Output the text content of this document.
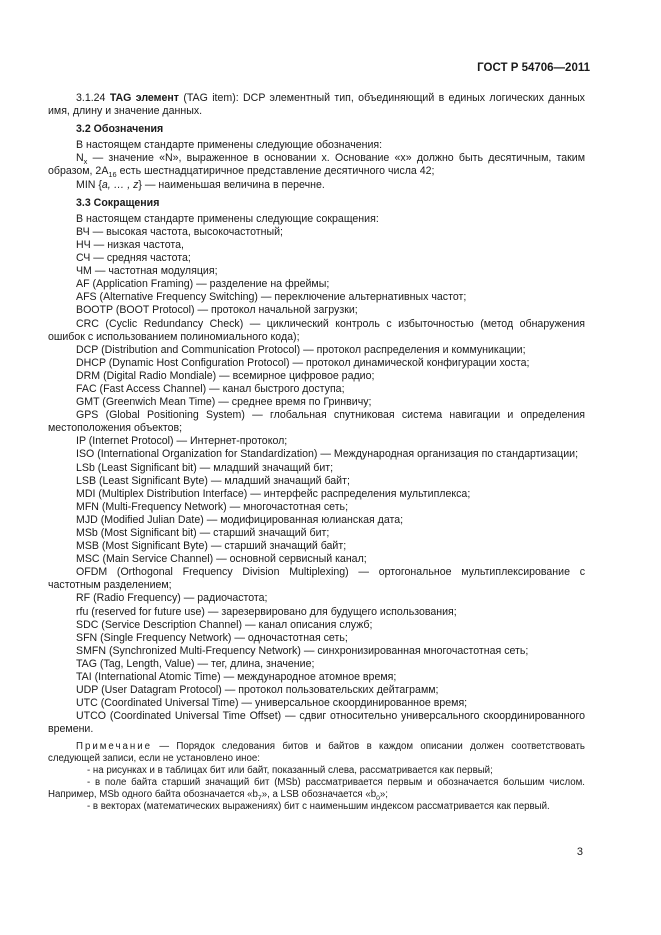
ГОСТ Р 54706—2011

3.1.24 TAG элемент (TAG item): DCP элементный тип, объединяющий в единых логических данных имя, длину и значение данных.

3.2 Обозначения

В настоящем стандарте применены следующие обозначения:

$N_x$ — значение «N», выраженное в основании x. Основание «x» должно быть десятичным, таким образом, $2A_{16}$ есть шестнадцатиричное представление десятичного числа 42;

MIN {a, … , z} — наименьшая величина в перечне.

3.3 Сокращения

В настоящем стандарте применены следующие сокращения:

ВЧ — высокая частота, высокочастотный;

НЧ — низкая частота,

СЧ — средняя частота;

ЧМ — частотная модуляция;

AF (Application Framing) — разделение на фреймы;

AFS (Alternative Frequency Switching) — переключение альтернативных частот;

BOOTP (BOOT Protocol) — протокол начальной загрузки;

CRC (Cyclic Redundancy Check) — циклический контроль с избыточностью (метод обнаружения ошибок с использованием полиномиального кода);

DCP (Distribution and Communication Protocol) — протокол распределения и коммуникации;

DHCP (Dynamic Host Configuration Protocol) — протокол динамической конфигурации хоста;

DRM (Digital Radio Mondiale) — всемирное цифровое радио;

FAC (Fast Access Channel) — канал быстрого доступа;

GMT (Greenwich Mean Time) — среднее время по Гринвичу;

GPS (Global Positioning System) — глобальная спутниковая система навигации и определения местоположения объектов;

IP (Internet Protocol) — Интернет-протокол;

ISO (International Organization for Standardization) — Международная организация по стандартизации;

LSb (Least Significant bit) — младший значащий бит;

LSB (Least Significant Byte) — младший значащий байт;

MDI (Multiplex Distribution Interface) — интерфейс распределения мультиплекса;

MFN (Multi-Frequency Network) — многочастотная сеть;

MJD (Modified Julian Date) — модифицированная юлианская дата;

MSb (Most Significant bit) — старший значащий бит;

MSB (Most Significant Byte) — старший значащий байт;

MSC (Main Service Channel) — основной сервисный канал;

OFDM (Orthogonal Frequency Division Multiplexing) — ортогональное мультиплексирование с частотным разделением;

RF (Radio Frequency) — радиочастота;

rfu (reserved for future use) — зарезервировано для будущего использования;

SDC (Service Description Channel) — канал описания служб;

SFN (Single Frequency Network) — одночастотная сеть;

SMFN (Synchronized Multi-Frequency Network) — синхронизированная многочастотная сеть;

TAG (Tag, Length, Value) — тег, длина, значение;

TAI (International Atomic Time) — международное атомное время;

UDP (User Datagram Protocol) — протокол пользовательских дейтаграмм;

UTC (Coordinated Universal Time) — универсальное скоординированное время;

UTCO (Coordinated Universal Time Offset) — сдвиг относительно универсального скоординированного времени.

Примечание — Порядок следования битов и байтов в каждом описании должен соответствовать следующей записи, если не установлено иное:

- на рисунках и в таблицах бит или байт, показанный слева, рассматривается как первый;

- в поле байта старший значащий бит (MSb) рассматривается первым и обозначается большим числом. Например, MSb одного байта обозначается «$b_7$», а LSB обозначается «$b_0$»;

- в векторах (математических выражениях) бит с наименьшим индексом рассматривается как первый.

3
